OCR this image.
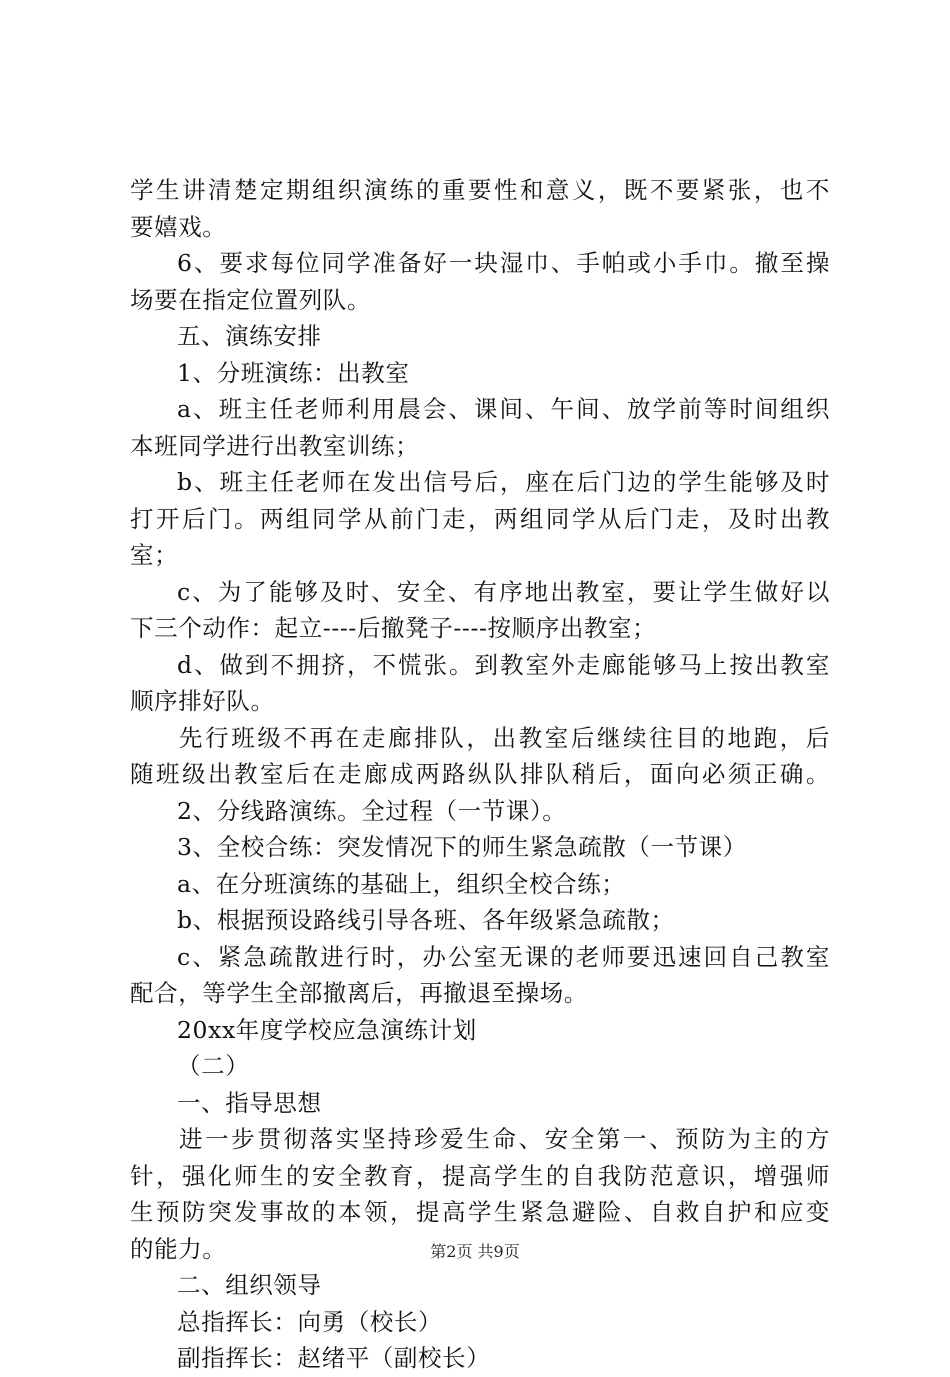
学生讲清楚定期组织演练的重要性和意义，既不要紧张，也不
要嬉戏。
6、要求每位同学准备好一块湿巾、手帕或小手巾。撤至操
场要在指定位置列队。
五、演练安排
1、分班演练：出教室
a、班主任老师利用晨会、课间、午间、放学前等时间组织
本班同学进行出教室训练；
b、班主任老师在发出信号后，座在后门边的学生能够及时
打开后门。两组同学从前门走，两组同学从后门走，及时出教
室；
c、为了能够及时、安全、有序地出教室，要让学生做好以
下三个动作：起立----后撤凳子----按顺序出教室；
d、做到不拥挤，不慌张。到教室外走廊能够马上按出教室
顺序排好队。
先行班级不再在走廊排队，出教室后继续往目的地跑，后
随班级出教室后在走廊成两路纵队排队稍后，面向必须正确。
2、分线路演练。全过程（一节课）。
3、全校合练：突发情况下的师生紧急疏散（一节课）
a、在分班演练的基础上，组织全校合练；
b、根据预设路线引导各班、各年级紧急疏散；
c、紧急疏散进行时，办公室无课的老师要迅速回自己教室
配合，等学生全部撤离后，再撤退至操场。
20xx年度学校应急演练计划
（二）
一、指导思想
进一步贯彻落实坚持珍爱生命、安全第一、预防为主的方
针，强化师生的安全教育，提高学生的自我防范意识，增强师
生预防突发事故的本领，提高学生紧急避险、自救自护和应变
的能力。
二、组织领导
总指挥长：向勇（校长）
副指挥长：赵绪平（副校长）
第2页 共9页
